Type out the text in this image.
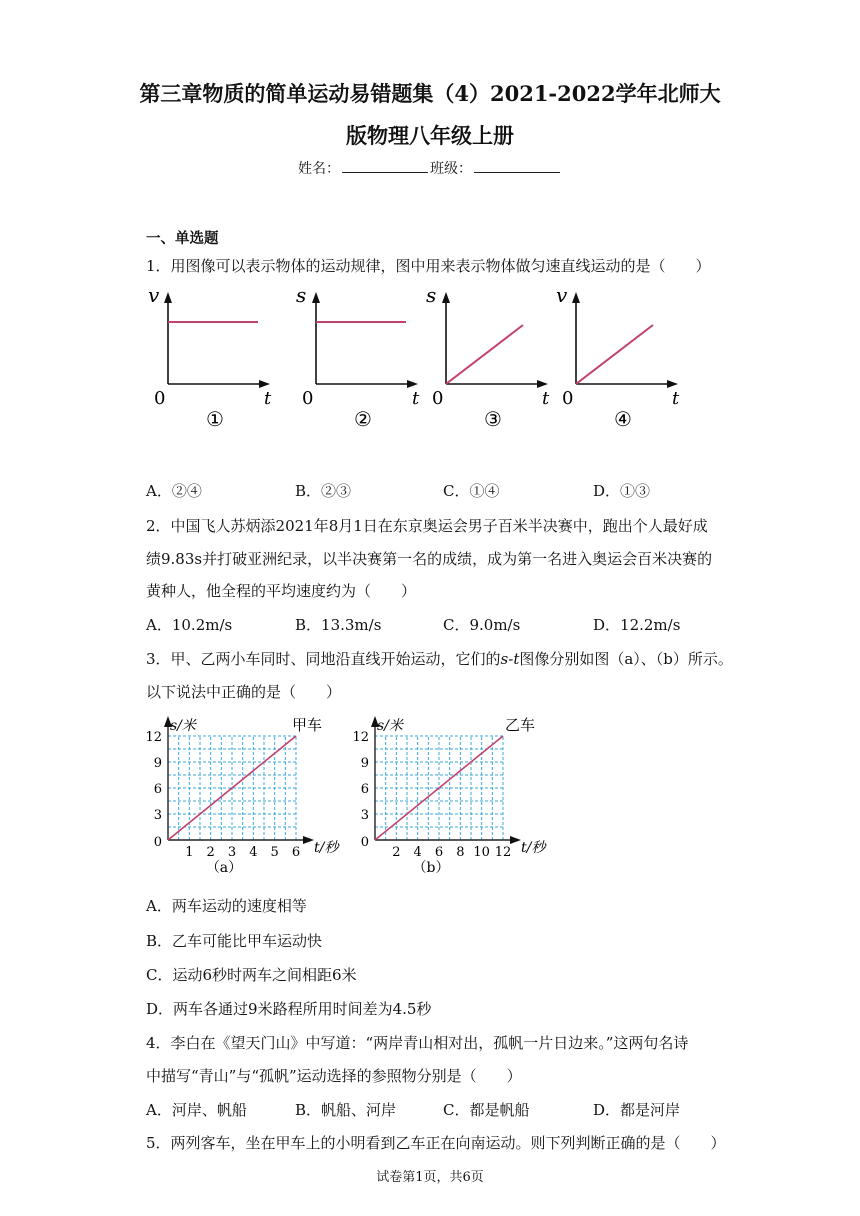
第三章物质的简单运动易错题集（4）2021-2022学年北师大
版物理八年级上册
姓名：	班级：
一、单选题
1．用图像可以表示物体的运动规律，图中用来表示物体做匀速直线运动的是（　　）
v
t
0
①
s
t
0
②
s
t
0
③
v
t
0
④
A．②④	B．②③	C．①④	D．①③
2．中国飞人苏炳添2021年8月1日在东京奥运会男子百米半决赛中，跑出个人最好成
绩9.83s并打破亚洲纪录，以半决赛第一名的成绩，成为第一名进入奥运会百米决赛的
黄种人，他全程的平均速度约为（　　）
A．10.2m/s	B．13.3m/s	C．9.0m/s	D．12.2m/s
3．甲、乙两小车同时、同地沿直线开始运动，它们的s-t图像分别如图（a）、（b）所示。
以下说法中正确的是（　　）
1 2 3 4 5 6
3
6
9
12
0
s/米
t/秒
甲车
（a）
2 4 6 8 10 12
3
6
9
12
0
s/米
t/秒
乙车
（b）
A．两车运动的速度相等
B．乙车可能比甲车运动快
C．运动6秒时两车之间相距6米
D．两车各通过9米路程所用时间差为4.5秒
4．李白在《望天门山》中写道：“两岸青山相对出，孤帆一片日边来。”这两句名诗
中描写“青山”与“孤帆”运动选择的参照物分别是（　　）
A．河岸、帆船	B．帆船、河岸	C．都是帆船	D．都是河岸
5．两列客车，坐在甲车上的小明看到乙车正在向南运动。则下列判断正确的是（　　）
试卷第1页，共6页
